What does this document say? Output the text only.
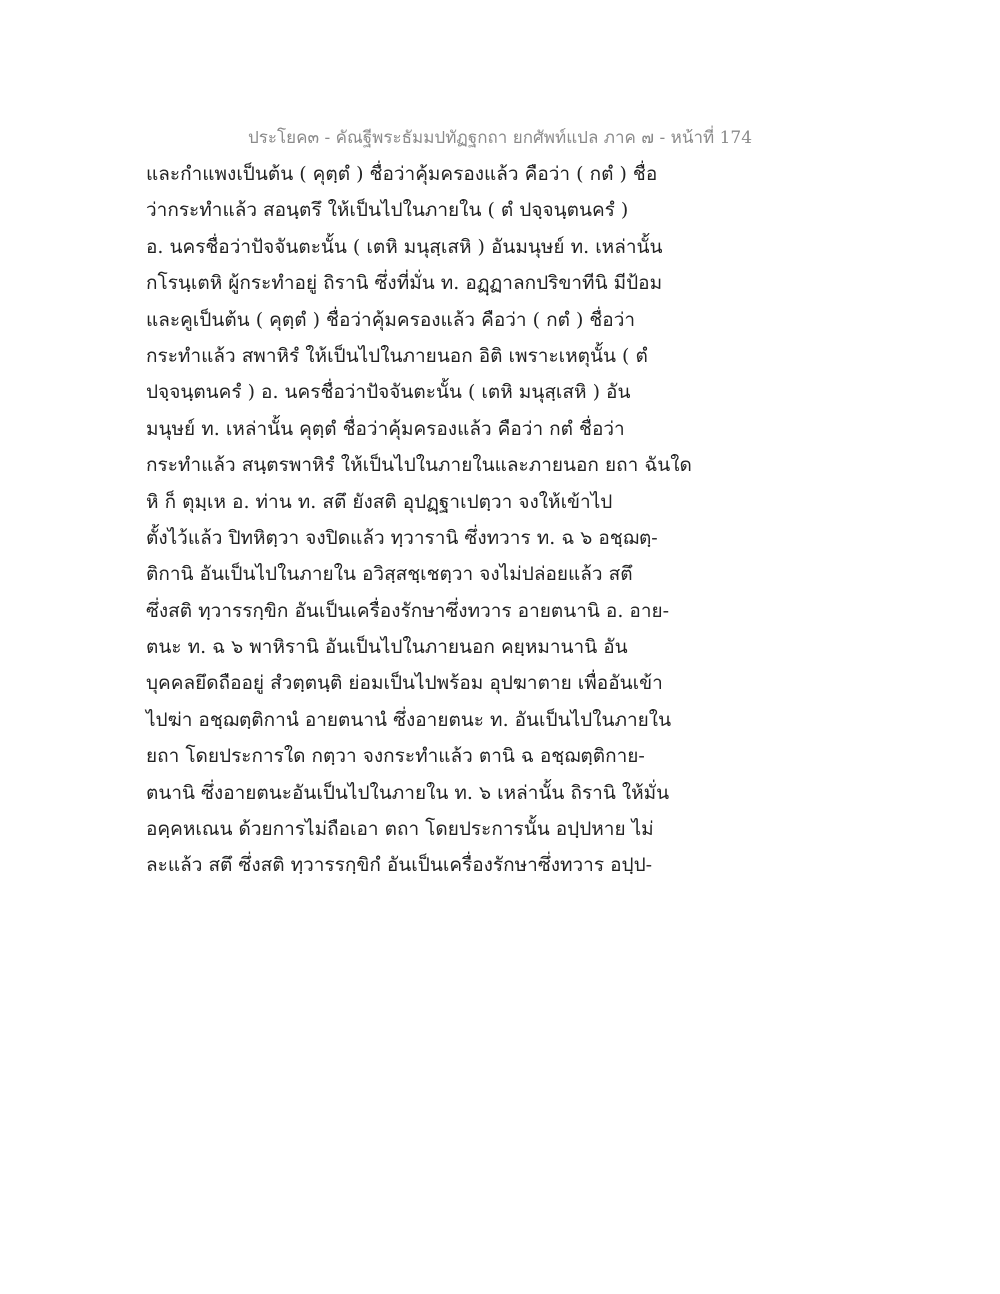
ประโยค๓ - คัณฐีพระธัมมปทัฏฐกถา ยกศัพท์แปล ภาค ๗ - หน้าที่ 174
และกำแพงเป็นต้น ( คุตฺตํ ) ชื่อว่าคุ้มครองแล้ว คือว่า ( กตํ ) ชื่อ
ว่ากระทำแล้ว สอนฺตรึ ให้เป็นไปในภายใน ( ตํ ปจฺจนฺตนครํ )
อ. นครชื่อว่าปัจจันตะนั้น ( เตหิ มนุสฺเสหิ ) อันมนุษย์ ท. เหล่านั้น
กโรนฺเตหิ ผู้กระทำอยู่ ถิรานิ ซึ่งที่มั่น ท. อฏฺฏาลกปริขาทีนิ มีป้อม
และคูเป็นต้น ( คุตฺตํ ) ชื่อว่าคุ้มครองแล้ว คือว่า ( กตํ ) ชื่อว่า
กระทำแล้ว สพาหิรํ ให้เป็นไปในภายนอก อิติ เพราะเหตุนั้น ( ตํ
ปจฺจนฺตนครํ ) อ. นครชื่อว่าปัจจันตะนั้น ( เตหิ มนุสฺเสหิ ) อัน
มนุษย์ ท. เหล่านั้น คุตฺตํ ชื่อว่าคุ้มครองแล้ว คือว่า กตํ ชื่อว่า
กระทำแล้ว สนฺตรพาหิรํ ให้เป็นไปในภายในและภายนอก ยถา ฉันใด
หิ ก็ ตุมฺเห อ. ท่าน ท. สตึ ยังสติ อุปฏฺฐาเปตฺวา จงให้เข้าไป
ตั้งไว้แล้ว ปิทหิตฺวา จงปิดแล้ว ทฺวารานิ ซึ่งทวาร ท. ฉ ๖ อชฺฌตฺ-
ติกานิ อันเป็นไปในภายใน อวิสฺสชฺเชตฺวา จงไม่ปล่อยแล้ว สตึ
ซึ่งสติ ทฺวารรกฺขิก อันเป็นเครื่องรักษาซึ่งทวาร อายตนานิ อ. อาย-
ตนะ ท. ฉ ๖ พาหิรานิ อันเป็นไปในภายนอก คยฺหมานานิ อัน
บุคคลยึดถืออยู่ สํวตฺตนฺติ ย่อมเป็นไปพร้อม อุปฆาตาย เพื่ออันเข้า
ไปฆ่า อชฺฌตฺติกานํ อายตนานํ ซึ่งอายตนะ ท. อันเป็นไปในภายใน
ยถา โดยประการใด กตฺวา จงกระทำแล้ว ตานิ ฉ อชฺฌตฺติกาย-
ตนานิ ซึ่งอายตนะอันเป็นไปในภายใน ท. ๖ เหล่านั้น ถิรานิ ให้มั่น
อคฺคหเณน ด้วยการไม่ถือเอา ตถา โดยประการนั้น อปฺปหาย ไม่
ละแล้ว สตึ ซึ่งสติ ทฺวารรกฺขิกํ อันเป็นเครื่องรักษาซึ่งทวาร อปฺป-
